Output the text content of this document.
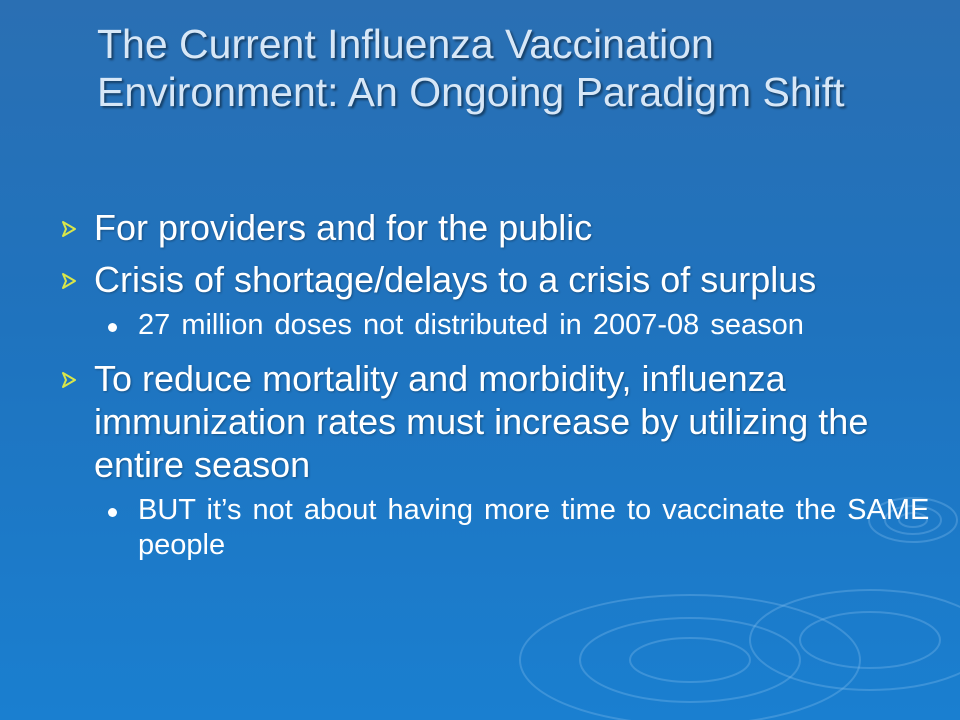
The Current Influenza Vaccination Environment: An Ongoing Paradigm Shift
For providers and for the public
Crisis of shortage/delays to a crisis of surplus
27 million doses not distributed in 2007-08 season
To reduce mortality and morbidity, influenza immunization rates must increase by utilizing the entire season
BUT it’s not about having more time to vaccinate the SAME people
